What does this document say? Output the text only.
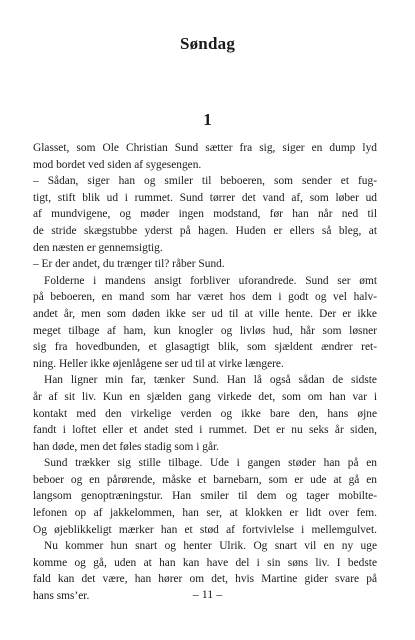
Søndag
1
Glasset, som Ole Christian Sund sætter fra sig, siger en dump lyd
mod bordet ved siden af sygesengen.
– Sådan, siger han og smiler til beboeren, som sender et fug-
tigt, stift blik ud i rummet. Sund tørrer det vand af, som løber ud
af mundvigene, og møder ingen modstand, før han når ned til
de stride skægstubbe yderst på hagen. Huden er ellers så bleg, at
den næsten er gennemsigtig.
– Er der andet, du trænger til? råber Sund.
Folderne i mandens ansigt forbliver uforandrede. Sund ser ømt
på beboeren, en mand som har været hos dem i godt og vel halv-
andet år, men som døden ikke ser ud til at ville hente. Der er ikke
meget tilbage af ham, kun knogler og livløs hud, hår som løsner
sig fra hovedbunden, et glasagtigt blik, som sjældent ændrer ret-
ning. Heller ikke øjenlågene ser ud til at virke længere.
Han ligner min far, tænker Sund. Han lå også sådan de sidste
år af sit liv. Kun en sjælden gang virkede det, som om han var i
kontakt med den virkelige verden og ikke bare den, hans øjne
fandt i loftet eller et andet sted i rummet. Det er nu seks år siden,
han døde, men det føles stadig som i går.
Sund trækker sig stille tilbage. Ude i gangen støder han på en
beboer og en pårørende, måske et barnebarn, som er ude at gå en
langsom genoptræningstur. Han smiler til dem og tager mobilte-
lefonen op af jakkelommen, han ser, at klokken er lidt over fem.
Og øjeblikkeligt mærker han et stød af fortvivlelse i mellemgulvet.
Nu kommer hun snart og henter Ulrik. Og snart vil en ny uge
komme og gå, uden at han kan have del i sin søns liv. I bedste
fald kan det være, han hører om det, hvis Martine gider svare på
hans sms’er.	– 11 –
